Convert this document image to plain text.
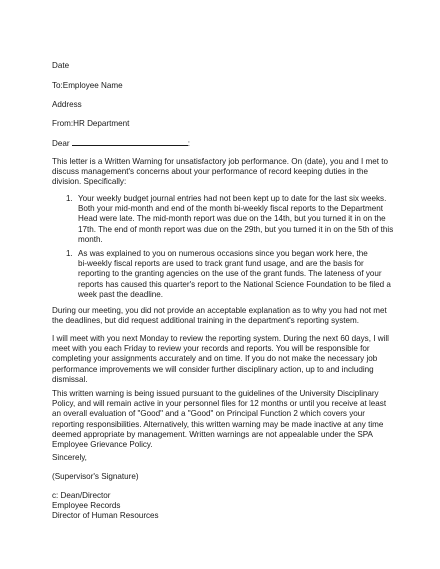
Date

To:Employee Name

Address

From:HR Department

Dear	:

This letter is a Written Warning for unsatisfactory job performance. On (date), you and I met to
discuss management's concerns about your performance of record keeping duties in the
division. Specifically:
1. Your weekly budget journal entries had not been kept up to date for the last six weeks.
Both your mid-month and end of the month bi-weekly fiscal reports to the Department
Head were late. The mid-month report was due on the 14th, but you turned it in on the
17th. The end of month report was due on the 29th, but you turned it in on the 5th of this
month.
1. As was explained to you on numerous occasions since you began work here, the
bi-weekly fiscal reports are used to track grant fund usage, and are the basis for
reporting to the granting agencies on the use of the grant funds. The lateness of your
reports has caused this quarter's report to the National Science Foundation to be filed a
week past the deadline.
During our meeting, you did not provide an acceptable explanation as to why you had not met
the deadlines, but did request additional training in the department's reporting system.
I will meet with you next Monday to review the reporting system. During the next 60 days, I will
meet with you each Friday to review your records and reports. You will be responsible for
completing your assignments accurately and on time. If you do not make the necessary job
performance improvements we will consider further disciplinary action, up to and including
dismissal.
This written warning is being issued pursuant to the guidelines of the University Disciplinary
Policy, and will remain active in your personnel files for 12 months or until you receive at least
an overall evaluation of "Good" and a "Good" on Principal Function 2 which covers your
reporting responsibilities. Alternatively, this written warning may be made inactive at any time
deemed appropriate by management. Written warnings are not appealable under the SPA
Employee Grievance Policy.

Sincerely,

(Supervisor's Signature)

c: Dean/Director

Employee Records

Director of Human Resources
